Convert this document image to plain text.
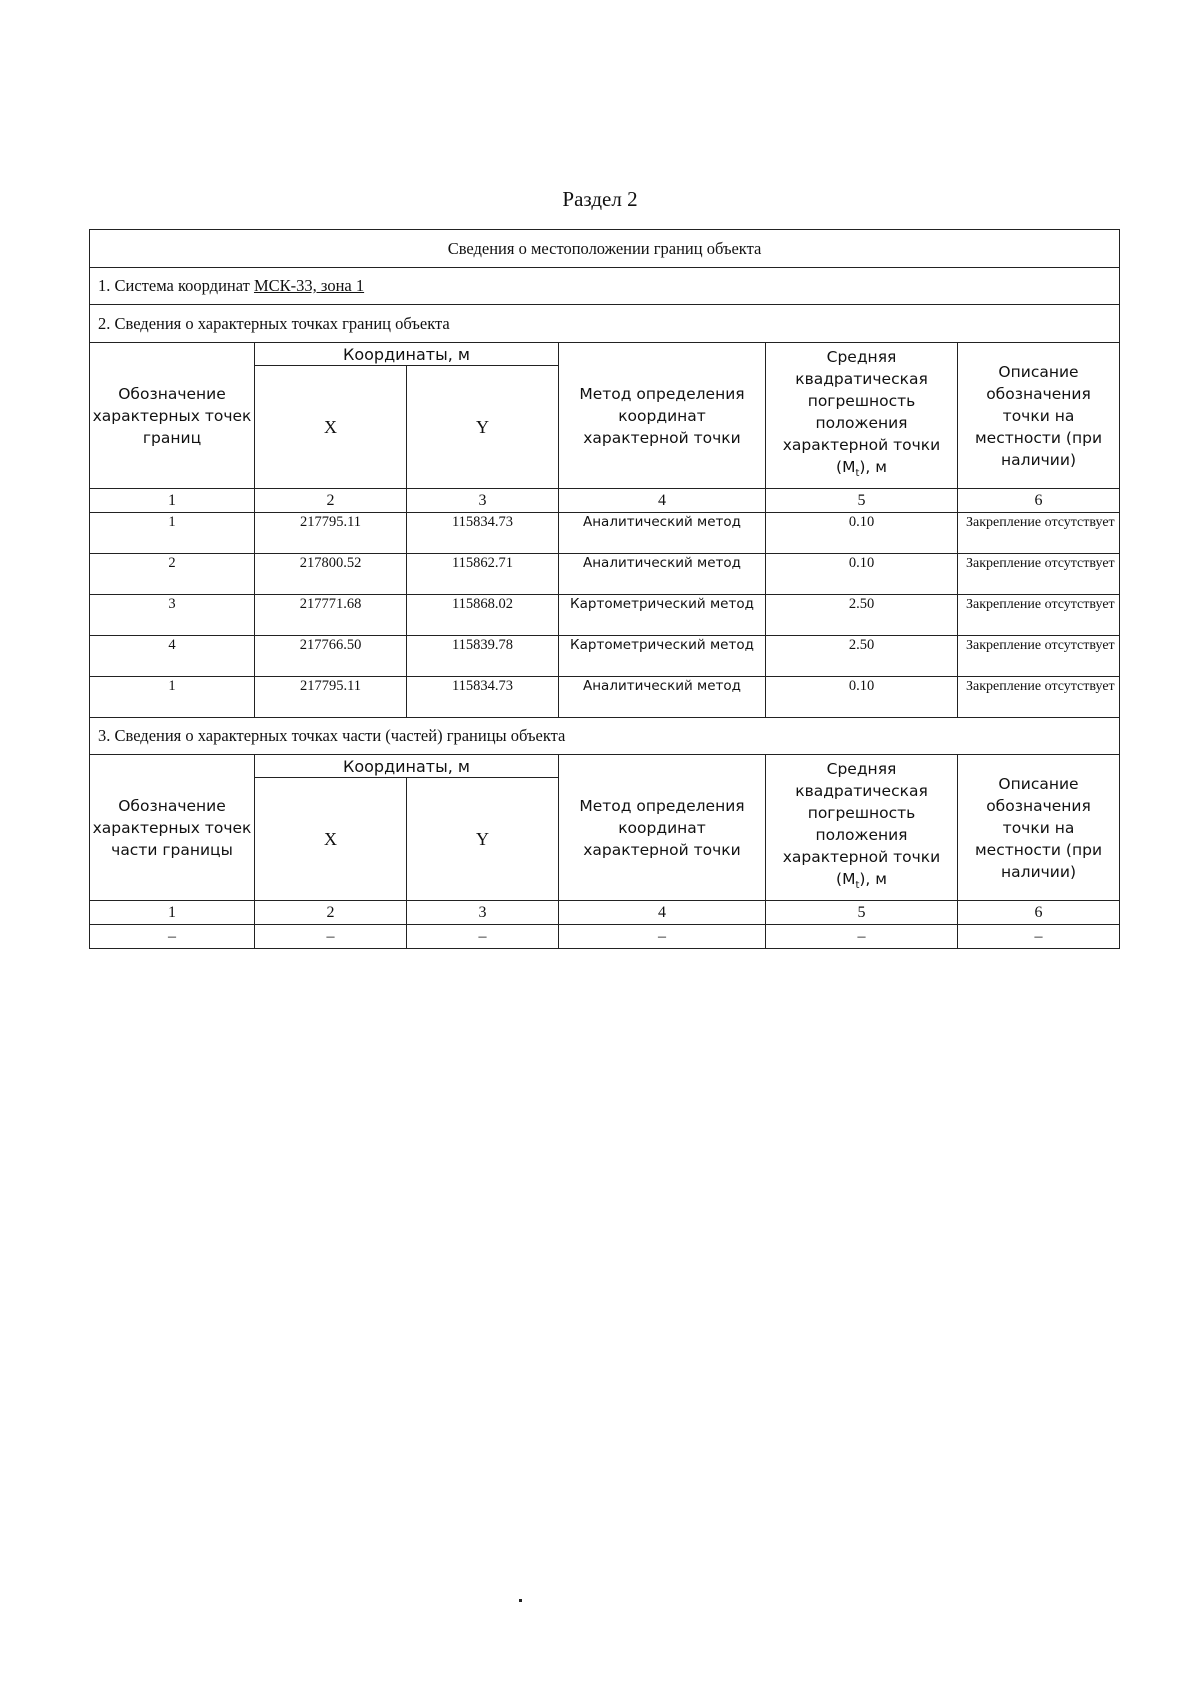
Раздел 2
Сведения о местоположении границ объекта					
1. Система координат МСК-33, зона 1					
2. Сведения о характерных точках границ объекта					
Обозначение характерных точек границ	Координаты, м		Метод определения координат характерной точки	Средняя квадратическая погрешность положения характерной точки
$(M_t)$, м	Описание обозначения точки на местности (при наличии)
	X	Y			
1	2	3	4	5	6
1	217795.11	115834.73	Аналитический метод	0.10	Закрепление отсутствует
2	217800.52	115862.71	Аналитический метод	0.10	Закрепление отсутствует
3	217771.68	115868.02	Картометрический метод	2.50	Закрепление отсутствует
4	217766.50	115839.78	Картометрический метод	2.50	Закрепление отсутствует
1	217795.11	115834.73	Аналитический метод	0.10	Закрепление отсутствует
3. Сведения о характерных точках части (частей) границы объекта					
Обозначение характерных точек части границы	Координаты, м		Метод определения координат характерной точки	Средняя квадратическая погрешность положения характерной точки
$(M_t)$, м	Описание обозначения точки на местности (при наличии)
	X	Y			
1	2	3	4	5	6
–	–	–	–	–	–
